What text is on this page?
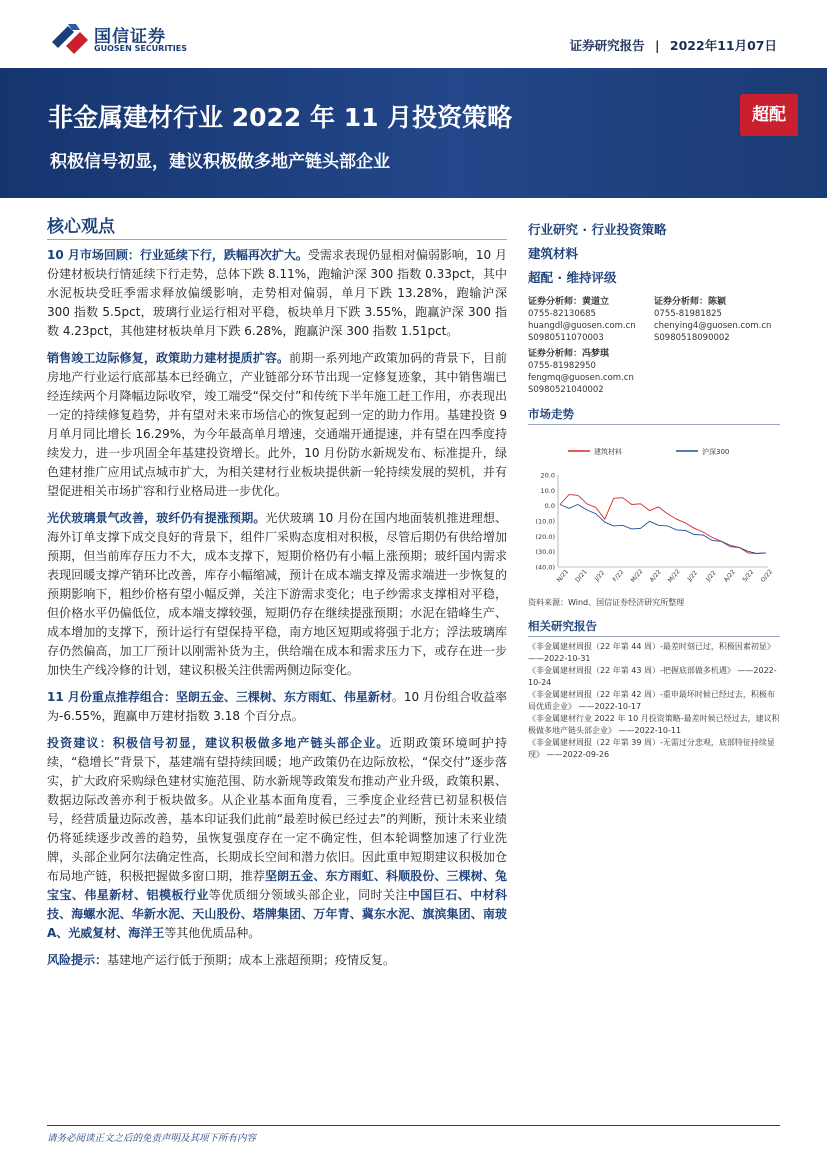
国信证券
GUOSEN SECURITIES	证券研究报告 | 2022年11月07日
非金属建材行业 2022 年 11 月投资策略
积极信号初显，建议积极做多地产链头部企业
超配
核心观点

10 月市场回顾：行业延续下行，跌幅再次扩大。受需求表现仍显相对偏弱影响，10 月份建材板块行情延续下行走势，总体下跌 8.11%，跑输沪深 300 指数 0.33pct，其中水泥板块受旺季需求释放偏缓影响，走势相对偏弱，单月下跌 13.28%，跑输沪深 300 指数 5.5pct，玻璃行业运行相对平稳，板块单月下跌 3.55%，跑赢沪深 300 指数 4.23pct，其他建材板块单月下跌 6.28%，跑赢沪深 300 指数 1.51pct。

销售竣工边际修复，政策助力建材提质扩容。前期一系列地产政策加码的背景下，目前房地产行业运行底部基本已经确立，产业链部分环节出现一定修复迹象，其中销售端已经连续两个月降幅边际收窄，竣工端受“保交付”和传统下半年施工赶工作用，亦表现出一定的持续修复趋势，并有望对未来市场信心的恢复起到一定的助力作用。基建投资 9 月单月同比增长 16.29%，为今年最高单月增速，交通端开通提速，并有望在四季度持续发力，进一步巩固全年基建投资增长。此外，10 月份防水新规发布、标准提升，绿色建材推广应用试点城市扩大，为相关建材行业板块提供新一轮持续发展的契机，并有望促进相关市场扩容和行业格局进一步优化。

光伏玻璃景气改善，玻纤仍有提涨预期。光伏玻璃 10 月份在国内地面装机推进理想、海外订单支撑下成交良好的背景下，组件厂采购态度相对积极，尽管后期仍有供给增加预期，但当前库存压力不大，成本支撑下，短期价格仍有小幅上涨预期；玻纤国内需求表现回暖支撑产销环比改善，库存小幅缩减，预计在成本端支撑及需求端进一步恢复的预期影响下，粗纱价格有望小幅反弹，关注下游需求变化；电子纱需求支撑相对平稳，但价格水平仍偏低位，成本端支撑较强，短期仍存在继续提涨预期；水泥在错峰生产、成本增加的支撑下，预计运行有望保持平稳，南方地区短期或将强于北方；浮法玻璃库存仍然偏高，加工厂预计以刚需补货为主，供给端在成本和需求压力下，或存在进一步加快生产线冷修的计划，建议积极关注供需两侧边际变化。

11 月份重点推荐组合：坚朗五金、三棵树、东方雨虹、伟星新材。10 月份组合收益率为-6.55%，跑赢申万建材指数 3.18 个百分点。

投资建议：积极信号初显，建议积极做多地产链头部企业。近期政策环境呵护持续，“稳增长”背景下，基建端有望持续回暖；地产政策仍在边际放松，“保交付”逐步落实，扩大政府采购绿色建材实施范围、防水新规等政策发布推动产业升级，政策积累、数据边际改善亦利于板块做多。从企业基本面角度看，三季度企业经营已初显积极信号，经营质量边际改善，基本印证我们此前“最差时候已经过去”的判断，预计未来业绩仍将延续逐步改善的趋势，虽恢复强度存在一定不确定性，但本轮调整加速了行业洗牌，头部企业阿尔法确定性高，长期成长空间和潜力依旧。因此重申短期建议积极加仓布局地产链，积极把握做多窗口期，推荐坚朗五金、东方雨虹、科顺股份、三棵树、兔宝宝、伟星新材、铝模板行业等优质细分领域头部企业，同时关注中国巨石、中材科技、海螺水泥、华新水泥、天山股份、塔牌集团、万年青、冀东水泥、旗滨集团、南玻 A、光威复材、海洋王等其他优质品种。

风险提示：基建地产运行低于预期；成本上涨超预期；疫情反复。

行业研究 · 行业投资策略
建筑材料
超配 · 维持评级
证券分析师：黄道立
0755-82130685
huangdl@guosen.com.cn
S0980511070003
证券分析师：陈颖
0755-81981825
chenying4@guosen.com.cn
S0980518090002
证券分析师：冯梦琪
0755-81982950
fengmq@guosen.com.cn
S0980521040002
市场走势
建筑材料	沪深300
20.0
10.0
0.0
(10.0)
(20.0)
(30.0)
(40.0)
N/21 D/21 J/22 F/22 M/22 A/22 M/22 J/22 J/22 A/22 S/22 O/22
资料来源：Wind、国信证券经济研究所整理
相关研究报告
《非金属建材周报（22 年第 44 周）-最差时刻已过，积极因素初显》 ——2022-10-31
《非金属建材周报（22 年第 43 周）-把握底部做多机遇》 ——2022-10-24
《非金属建材周报（22 年第 42 周）-重申最坏时候已经过去，积极布局优质企业》 ——2022-10-17
《非金属建材行业 2022 年 10 月投资策略-最差时候已经过去，建议积极做多地产链头部企业》 ——2022-10-11
《非金属建材周报（22 年第 39 周）-无需过分悲观，底部特征持续显现》 ——2022-09-26
请务必阅读正文之后的免责声明及其项下所有内容
